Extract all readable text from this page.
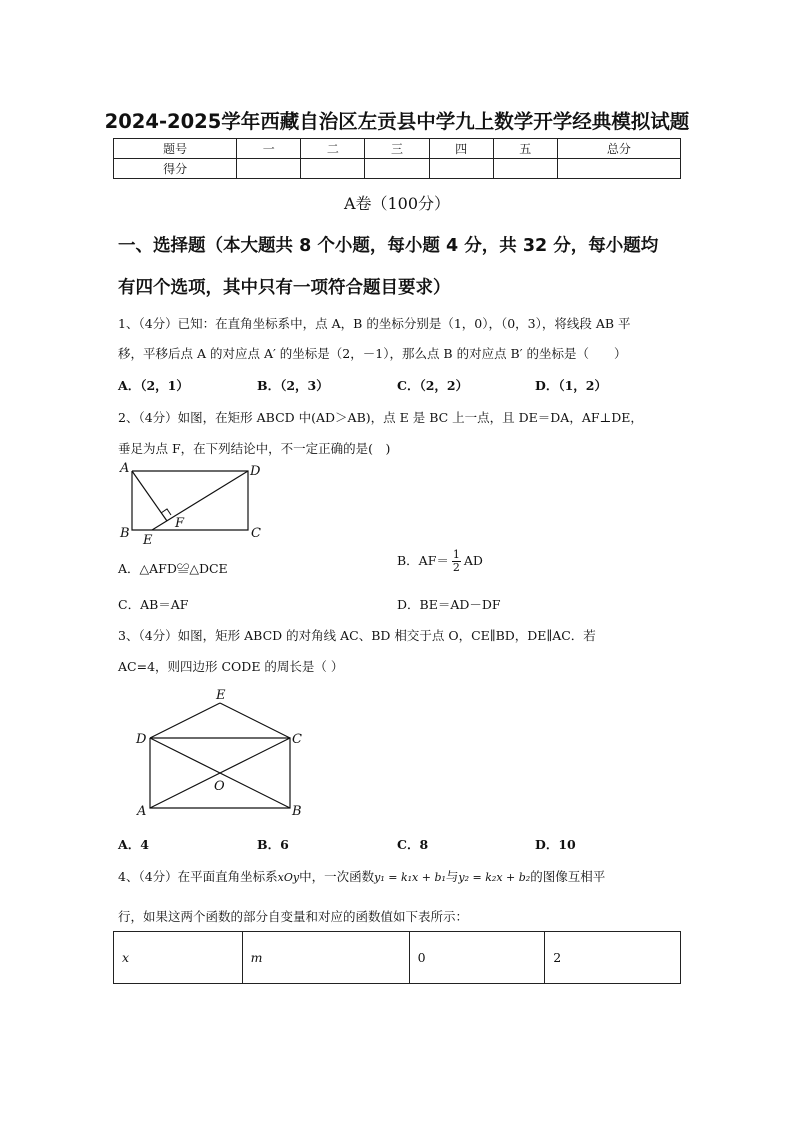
2024-2025学年西藏自治区左贡县中学九上数学开学经典模拟试题
题号	一	二	三	四	五	总分
得分						
A卷（100分）
一、选择题（本大题共 8 个小题，每小题 4 分，共 32 分，每小题均
有四个选项，其中只有一项符合题目要求）
1、（4分）已知：在直角坐标系中，点 A，B 的坐标分别是（1，0），（0，3），将线段 AB 平
移，平移后点 A 的对应点 A′ 的坐标是（2，－1），那么点 B 的对应点 B′ 的坐标是（　　）
A．（2，1）	B．（2，3）	C．（2，2）	D．（1，2）
2、（4分）如图，在矩形 ABCD 中(AD＞AB)，点 E 是 BC 上一点，且 DE＝DA，AF⊥DE，
垂足为点 F，在下列结论中，不一定正确的是(　)
A	D
B	C
E
F
A．△AFD≌△DCE
B．$AF= \frac{1}{2}$ AD
C．AB＝AF	D．BE＝AD－DF
3、（4分）如图，矩形 ABCD 的对角线 AC、BD 相交于点 O，CE∥BD，DE∥AC．若
AC=4，则四边形 CODE 的周长是（ ）
E
D	C
O
A	B
A．4	B．6	C．8	D．10
4、（4分）在平面直角坐标系xOy中，一次函数y₁ = k₁x + b₁与y₂ = k₂x + b₂的图像互相平
行，如果这两个函数的部分自变量和对应的函数值如下表所示：
x	m	0	2
